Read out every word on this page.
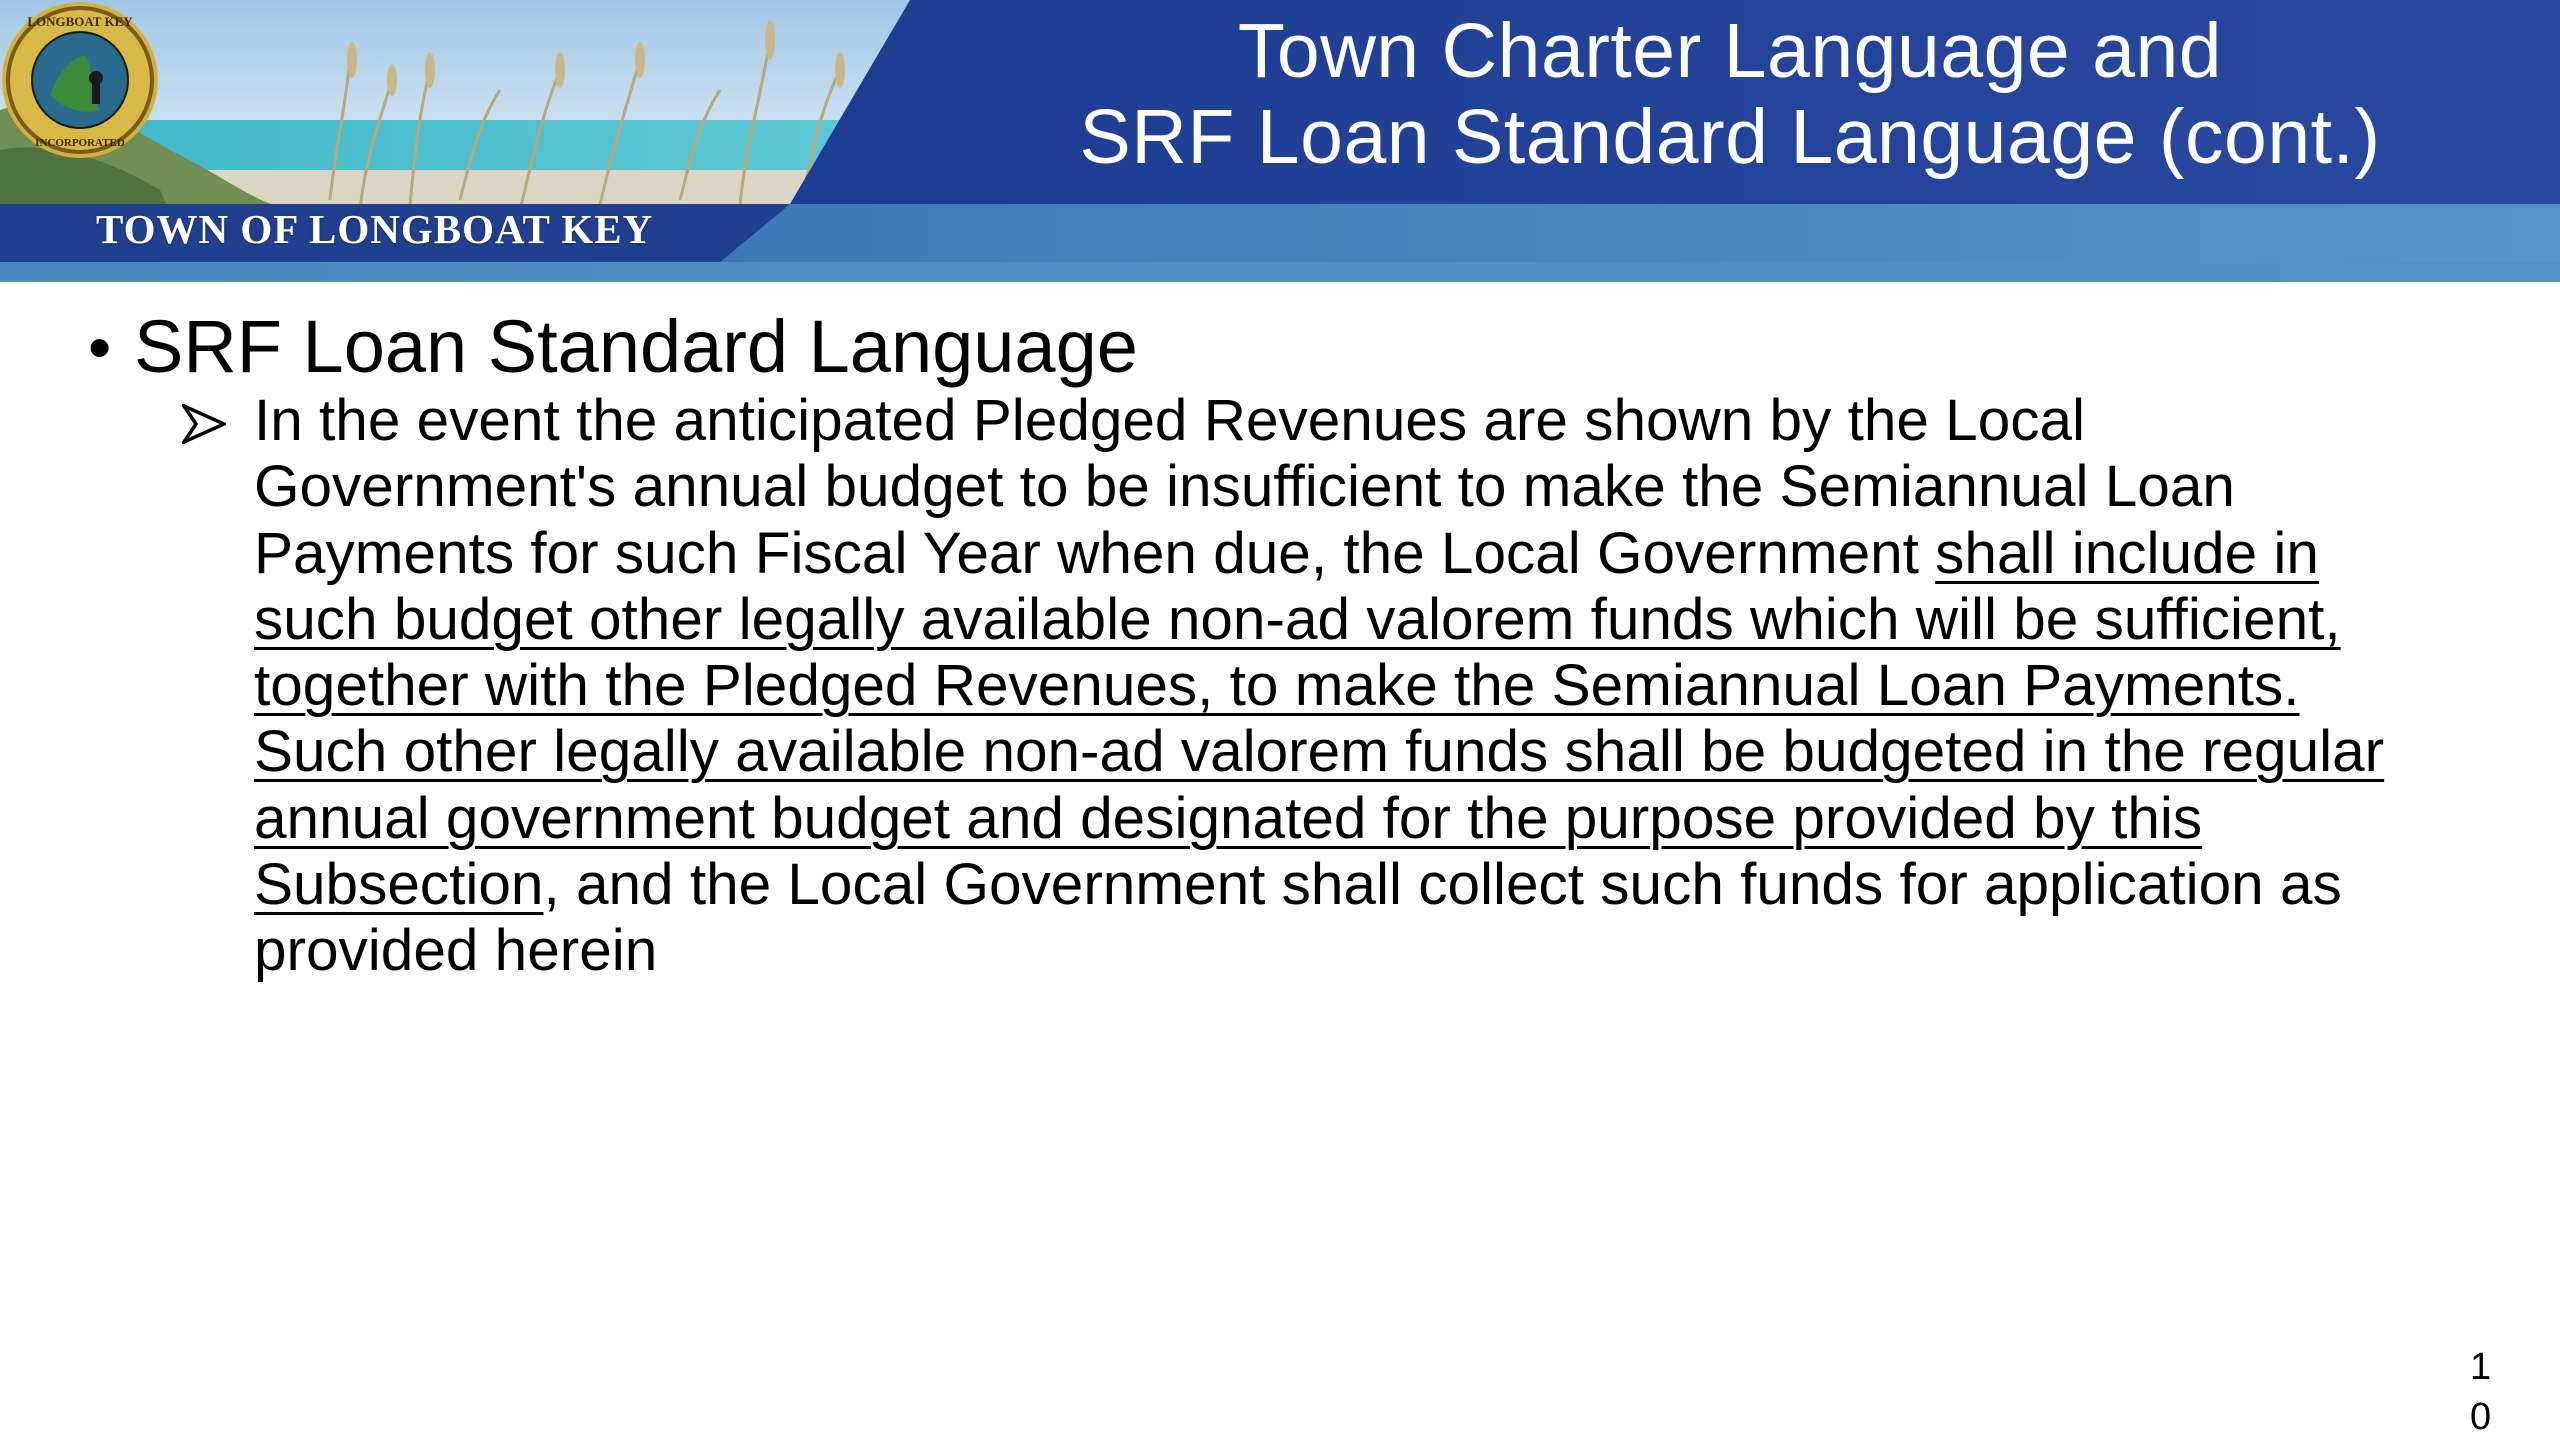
LONGBOAT KEY
INCORPORATED
Town Charter Language and
SRF Loan Standard Language (cont.)
TOWN OF LONGBOAT KEY
• SRF Loan Standard Language
In the event the anticipated Pledged Revenues are shown by the Local
Government's annual budget to be insufficient to make the Semiannual Loan
Payments for such Fiscal Year when due, the Local Government shall include in
such budget other legally available non-ad valorem funds which will be sufficient,
together with the Pledged Revenues, to make the Semiannual Loan Payments.
Such other legally available non-ad valorem funds shall be budgeted in the regular
annual government budget and designated for the purpose provided by this
Subsection, and the Local Government shall collect such funds for application as
provided herein
10
